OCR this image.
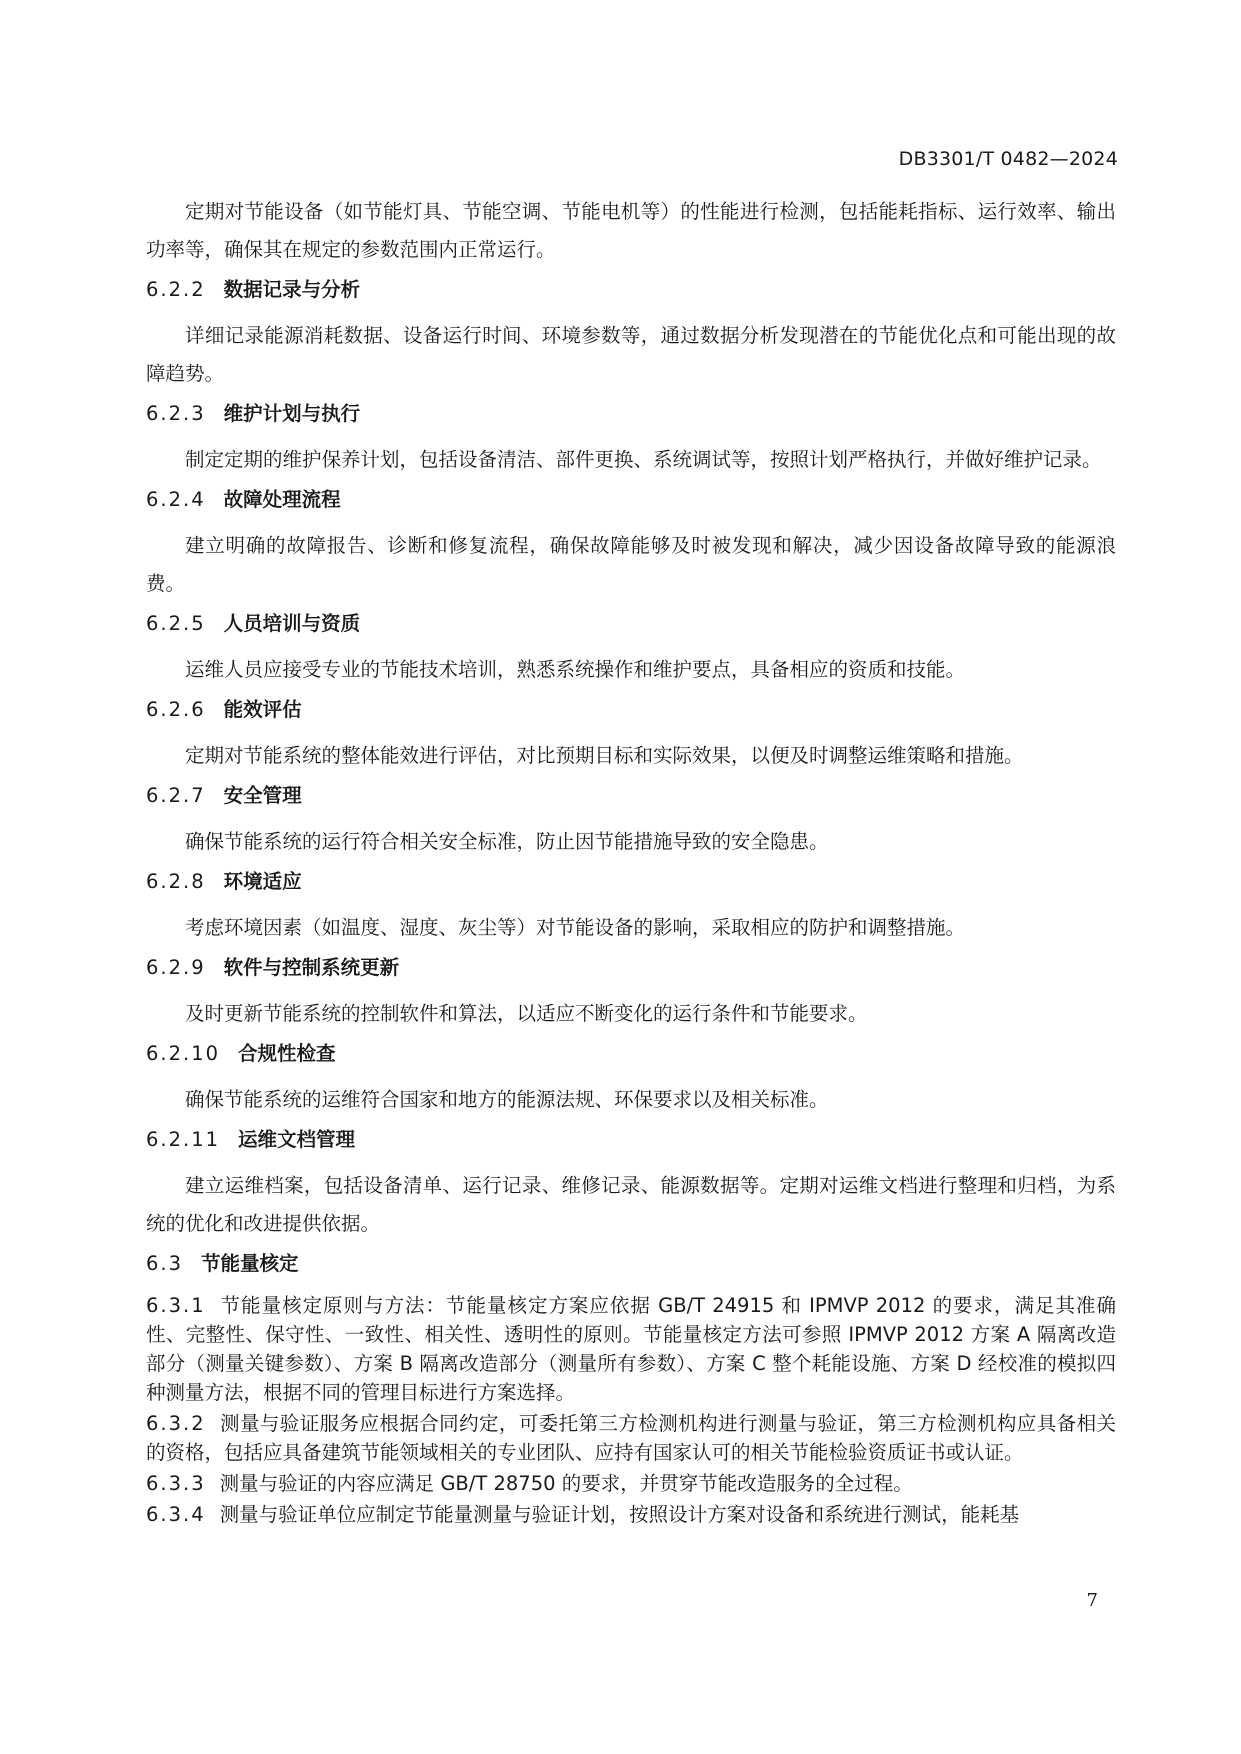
DB3301/T 0482—2024

定期对节能设备（如节能灯具、节能空调、节能电机等）的性能进行检测，包括能耗指标、运行效率、输出功率等，确保其在规定的参数范围内正常运行。

6.2.2 数据记录与分析

详细记录能源消耗数据、设备运行时间、环境参数等，通过数据分析发现潜在的节能优化点和可能出现的故障趋势。

6.2.3 维护计划与执行

制定定期的维护保养计划，包括设备清洁、部件更换、系统调试等，按照计划严格执行，并做好维护记录。

6.2.4 故障处理流程

建立明确的故障报告、诊断和修复流程，确保故障能够及时被发现和解决，减少因设备故障导致的能源浪费。

6.2.5 人员培训与资质

运维人员应接受专业的节能技术培训，熟悉系统操作和维护要点，具备相应的资质和技能。

6.2.6 能效评估

定期对节能系统的整体能效进行评估，对比预期目标和实际效果，以便及时调整运维策略和措施。

6.2.7 安全管理

确保节能系统的运行符合相关安全标准，防止因节能措施导致的安全隐患。

6.2.8 环境适应

考虑环境因素（如温度、湿度、灰尘等）对节能设备的影响，采取相应的防护和调整措施。

6.2.9 软件与控制系统更新

及时更新节能系统的控制软件和算法，以适应不断变化的运行条件和节能要求。

6.2.10 合规性检查

确保节能系统的运维符合国家和地方的能源法规、环保要求以及相关标准。

6.2.11 运维文档管理

建立运维档案，包括设备清单、运行记录、维修记录、能源数据等。定期对运维文档进行整理和归档，为系统的优化和改进提供依据。

6.3 节能量核定

6.3.1 节能量核定原则与方法：节能量核定方案应依据 GB/T 24915 和 IPMVP 2012 的要求，满足其准确性、完整性、保守性、一致性、相关性、透明性的原则。节能量核定方法可参照 IPMVP 2012 方案 A 隔离改造部分（测量关键参数）、方案 B 隔离改造部分（测量所有参数）、方案 C 整个耗能设施、方案 D 经校准的模拟四种测量方法，根据不同的管理目标进行方案选择。

6.3.2 测量与验证服务应根据合同约定，可委托第三方检测机构进行测量与验证，第三方检测机构应具备相关的资格，包括应具备建筑节能领域相关的专业团队、应持有国家认可的相关节能检验资质证书或认证。

6.3.3 测量与验证的内容应满足 GB/T 28750 的要求，并贯穿节能改造服务的全过程。

6.3.4 测量与验证单位应制定节能量测量与验证计划，按照设计方案对设备和系统进行测试，能耗基

7
